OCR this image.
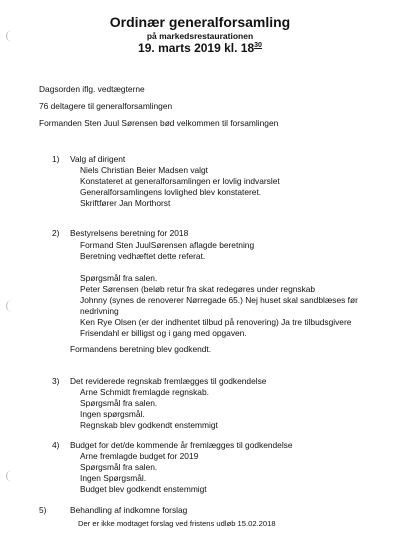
Ordinær generalforsamling
på markedsrestaurationen
19. marts 2019 kl. $18^{30}$
Dagsorden iflg. vedtægterne
76 deltagere til generalforsamlingen
Formanden Sten Juul Sørensen bød velkommen til forsamlingen
1) Valg af dirigent
Niels Christian Beier Madsen valgt
Konstateret at generalforsamlingen er lovlig indvarslet
Generalforsamlingens lovlighed blev konstateret.
Skriftfører Jan Morthorst
2) Bestyrelsens beretning for 2018
Formand Sten JuulSørensen aflagde beretning
Beretning vedhæftet dette referat.
Spørgsmål fra salen.
Peter Sørensen (beløb retur fra skat redegøres under regnskab
Johnny (synes de renoverer Nørregade 65.) Nej huset skal sandblæses før
nedrivning
Ken Rye Olsen (er der indhentet tilbud på renovering) Ja tre tilbudsgivere
Frisendahl er billigst og i gang med opgaven.
Formandens beretning blev godkendt.
3) Det reviderede regnskab fremlægges til godkendelse
Arne Schmidt fremlagde regnskab.
Spørgsmål fra salen.
Ingen spørgsmål.
Regnskab blev godkendt enstemmigt
4) Budget for det/de kommende år fremlægges til godkendelse
Arne fremlagde budget for 2019
Spørgsmål fra salen.
Ingen Spørgsmål.
Budget blev godkendt enstemmigt
5)	Behandling af indkomne forslag
Der er ikke modtaget forslag ved fristens udløb 15.02.2018
